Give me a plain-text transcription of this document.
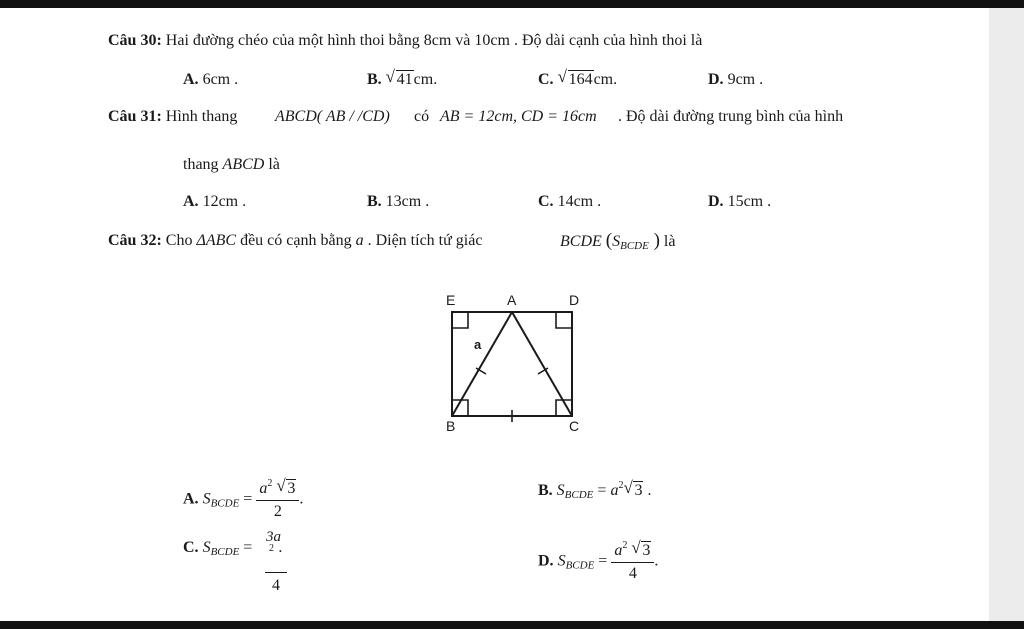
Câu 30: Hai đường chéo của một hình thoi bằng 8cm và 10cm . Độ dài cạnh của hình thoi là
A. 6cm .	B. √ 41cm.	C. √ 164cm.	D. 9cm .
Câu 31: Hình thang ABCD( AB / /CD) có AB = 12cm, CD = 16cm . Độ dài đường trung bình của hình
thang ABCD là
A. 12cm .	B. 13cm .	C. 14cm .	D. 15cm .
Câu 32: Cho ΔABC đều có cạnh bằng a . Diện tích tứ giác	BCDE ($S_{BCDE}$ ) là
E	A	D
B	C
a
A. $S_{BCDE} = \frac{a^2 √ 3}{2}$ .
B. $S_{BCDE} = a^2$ √ 3 .
C. $S_{BCDE}$ = .
3a
2
4
D. $S_{BCDE} = \frac{a^2 √ 3}{4}$ .
